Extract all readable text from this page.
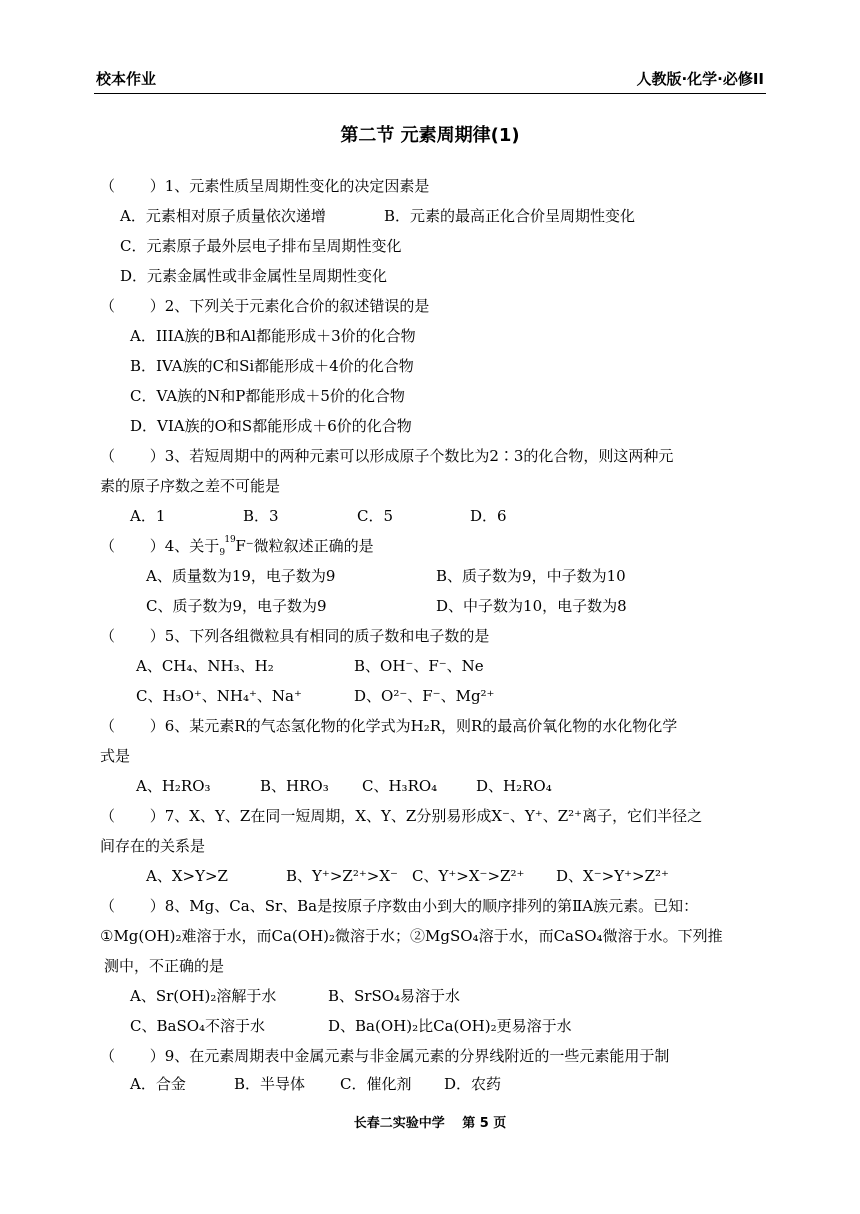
校本作业	人教版·化学·必修II
第二节 元素周期律(1)
（ 　　）1、元素性质呈周期性变化的决定因素是
A．元素相对原子质量依次递增	B．元素的最高正化合价呈周期性变化
C．元素原子最外层电子排布呈周期性变化
D．元素金属性或非金属性呈周期性变化
（ 　　）2、下列关于元素化合价的叙述错误的是
A．IIIA族的B和Al都能形成＋3价的化合物
B．IVA族的C和Si都能形成＋4价的化合物
C．VA族的N和P都能形成＋5价的化合物
D．VIA族的O和S都能形成＋6价的化合物
（ 　　）3、若短周期中的两种元素可以形成原子个数比为2∶3的化合物，则这两种元
素的原子序数之差不可能是
A．1	B．3	C．5	D．6
（ 　　）4、关于 19
9 F⁻微粒叙述正确的是
A、质量数为19，电子数为9	B、质子数为9，中子数为10
C、质子数为9，电子数为9	D、中子数为10，电子数为8
（ 　　）5、下列各组微粒具有相同的质子数和电子数的是
A、CH₄、NH₃、H₂	B、OH⁻、F⁻、Ne
C、H₃O⁺、NH₄⁺、Na⁺	D、O²⁻、F⁻、Mg²⁺
（ 　　）6、某元素R的气态氢化物的化学式为H₂R，则R的最高价氧化物的水化物化学
式是
A、H₂RO₃	B、HRO₃ C、H₃RO₄	D、H₂RO₄
（ 　　）7、X、Y、Z在同一短周期，X、Y、Z分别易形成X⁻、Y⁺、Z²⁺离子，它们半径之
间存在的关系是
A、X>Y>Z	B、Y⁺>Z²⁺>X⁻ C、Y⁺>X⁻>Z²⁺ D、X⁻>Y⁺>Z²⁺
（ 　　）8、Mg、Ca、Sr、Ba是按原子序数由小到大的顺序排列的第ⅡA族元素。已知：
①Mg(OH)₂难溶于水，而Ca(OH)₂微溶于水；②MgSO₄溶于水，而CaSO₄微溶于水。下列推
测中，不正确的是
A、Sr(OH)₂溶解于水	B、SrSO₄易溶于水
C、BaSO₄不溶于水	D、Ba(OH)₂比Ca(OH)₂更易溶于水
（ 　　）9、在元素周期表中金属元素与非金属元素的分界线附近的一些元素能用于制
A．合金	B．半导体 C．催化剂 D．农药
长春二实验中学　 第 5 页
